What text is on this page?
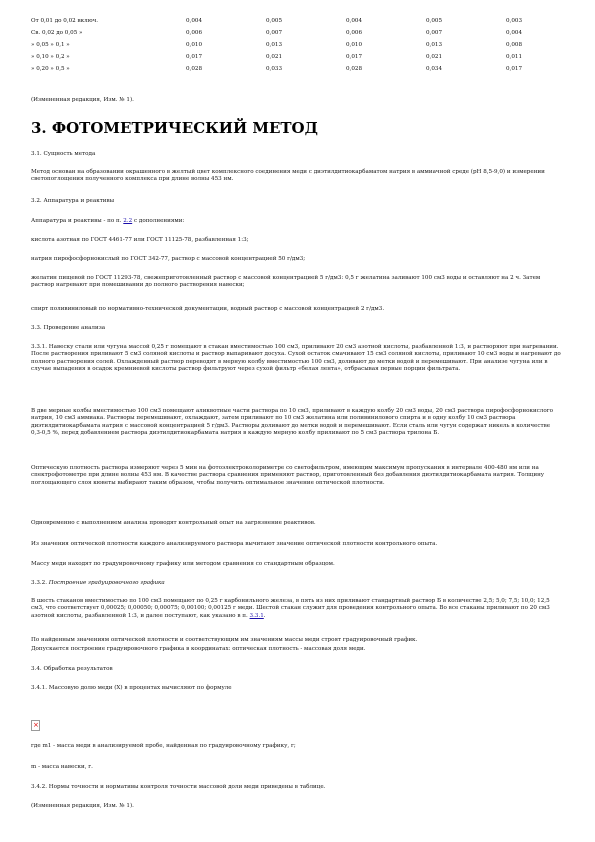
От 0,01 до 0,02 включ.	0,004	0,005	0,004	0,005	0,003
Св. 0,02 до 0,05 »	0,006	0,007	0,006	0,007	0,004
» 0,05 » 0,1 »	0,010	0,013	0,010	0,013	0,008
» 0,10 » 0,2 »	0,017	0,021	0,017	0,021	0,011
» 0,20 » 0,5 »	0,028	0,033	0,028	0,034	0,017

(Измененная редакция, Изм. № 1).

3. ФОТОМЕТРИЧЕСКИЙ МЕТОД

3.1. Сущность метода

Метод основан на образовании окрашенного в желтый цвет комплексного соединения меди с диэтилдитиокарбаматом натрия в аммиачной среде (рН 8,5-9,0) и измерении светопоглощения полученного комплекса при длине волны 453 нм.

3.2. Аппаратура и реактивы

Аппаратура и реактивы - по п. 2.2 с дополнениями:

кислота азотная по ГОСТ 4461-77 или ГОСТ 11125-78, разбавленная 1:3;

натрия пирофосфорнокислый по ГОСТ 342-77, раствор с массовой концентрацией 50 г/дм3;

желатин пищевой по ГОСТ 11293-78, свежеприготовленный раствор с массовой концентрацией 5 г/дм3: 0,5 г желатина заливают 100 см3 воды и оставляют на 2 ч. Затем раствор нагревают при помешивании до полного растворения навески;

спирт поливиниловый по нормативно-технической документации, водный раствор с массовой концентрацией 2 г/дм3.

3.3. Проведение анализа

3.3.1. Навеску стали или чугуна массой 0,25 г помещают в стакан вместимостью 100 см3, приливают 20 см3 азотной кислоты, разбавленной 1:3, и растворяют при нагревании. После растворения приливают 5 см3 соляной кислоты и раствор выпаривают досуха. Сухой остаток смачивают 15 см3 соляной кислоты, приливают 10 см3 воды и нагревают до полного растворения солей. Охлажденный раствор переводят в мерную колбу вместимостью 100 см3, доливают до метки водой и перемешивают. При анализе чугуна или в случае выпадения в осадок кремниевой кислоты раствор фильтруют через сухой фильтр «белая лента», отбрасывая первые порции фильтрата.

В две мерные колбы вместимостью 100 см3 помещают аликвотные части раствора по 10 см3, приливают в каждую колбу 20 см3 воды, 20 см3 раствора пирофосфорнокислого натрия, 10 см3 аммиака. Растворы перемешивают, охлаждают, затем приливают по 10 см3 желатина или поливинилового спирта и в одну колбу 10 см3 раствора диэтилдитиокарбамата натрия с массовой концентрацией 5 г/дм3. Растворы доливают до метки водой и перемешивают. Если сталь или чугун содержат никель в количестве 0,3-0,5 %, перед добавлением раствора диэтилдитиокарбамата натрия в каждую мерную колбу приливают по 5 см3 раствора трилона Б.

Оптическую плотность раствора измеряют через 5 мин на фотоэлектроколориметре со светофильтром, имеющим максимум пропускания в интервале 400-480 нм или на спектрофотометре при длине волны 453 нм. В качестве раствора сравнения применяют раствор, приготовленный без добавления диэтилдитиокарбамата натрия. Толщину поглощающего слоя кюветы выбирают таким образом, чтобы получить оптимальное значение оптической плотности.

Одновременно с выполнением анализа проводят контрольный опыт на загрязнение реактивов.

Из значения оптической плотности каждого анализируемого раствора вычитают значение оптической плотности контрольного опыта.

Массу меди находят по градуировочному графику или методом сравнения со стандартным образцом.

3.3.2. Построение градуировочного графика

В шесть стаканов вместимостью по 100 см3 помещают по 0,25 г карбонильного железа, в пять из них приливают стандартный раствор Б в количестве 2,5; 5,0; 7,5; 10,0; 12,5 см3, что соответствует 0,00025; 0,00050; 0,00075; 0,00100; 0,00125 г меди. Шестой стакан служит для проведения контрольного опыта. Во все стаканы приливают по 20 см3 азотной кислоты, разбавленной 1:3, и далее поступают, как указано в п. 3.3.1.

По найденным значениям оптической плотности и соответствующим им значениям массы меди строят градуировочный график.

Допускается построение градуировочного графика в координатах: оптическая плотность - массовая доля меди.

3.4. Обработка результатов

3.4.1. Массовую долю меди (X) в процентах вычисляют по формуле

×

где m1 - масса меди в анализируемой пробе, найденная по градуировочному графику, г;

m - масса навески, г.

3.4.2. Нормы точности и нормативы контроля точности массовой доли меди приведены в таблице.

(Измененная редакция, Изм. № 1).
